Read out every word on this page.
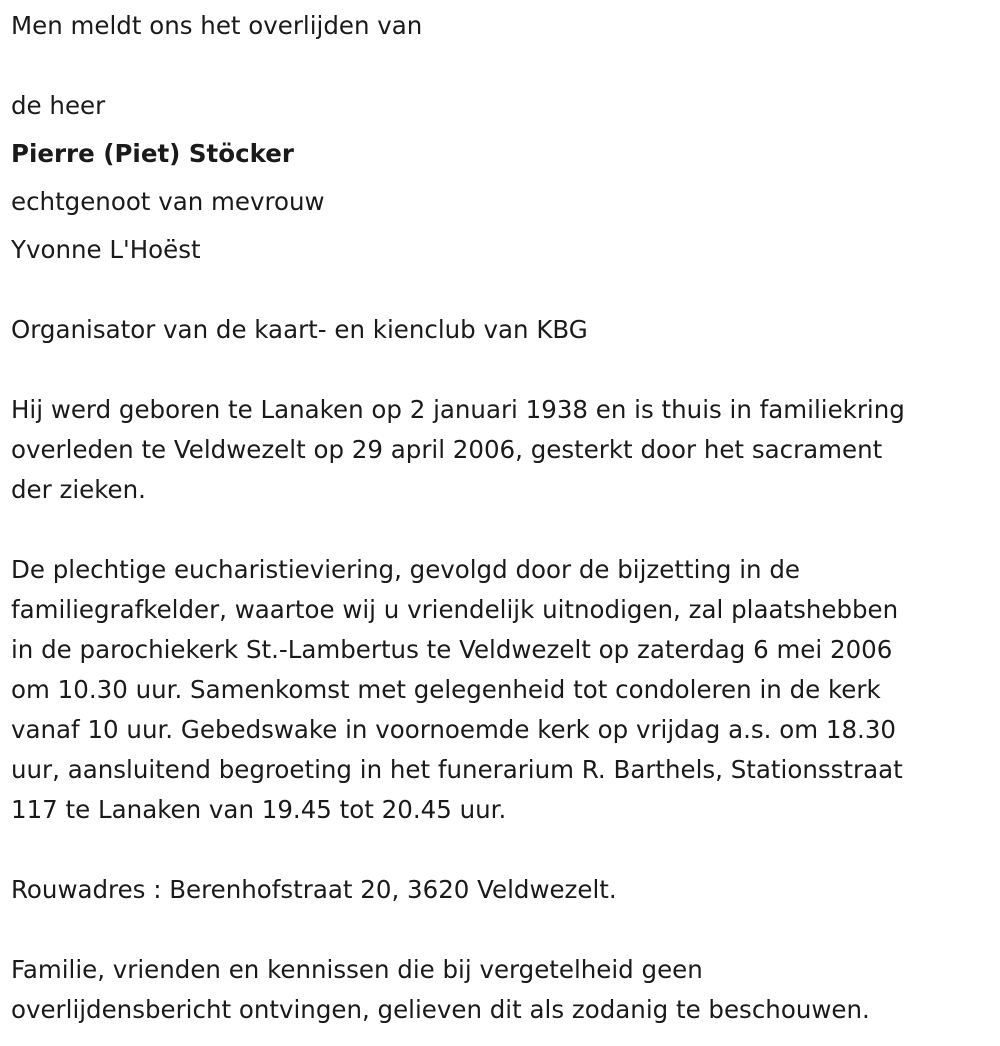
Men meldt ons het overlijden van
de heer
Pierre (Piet) Stöcker
echtgenoot van mevrouw
Yvonne L'Hoëst
Organisator van de kaart- en kienclub van KBG
Hij werd geboren te Lanaken op 2 januari 1938 en is thuis in familiekring
overleden te Veldwezelt op 29 april 2006, gesterkt door het sacrament
der zieken.
De plechtige eucharistieviering, gevolgd door de bijzetting in de
familiegrafkelder, waartoe wij u vriendelijk uitnodigen, zal plaatshebben
in de parochiekerk St.-Lambertus te Veldwezelt op zaterdag 6 mei 2006
om 10.30 uur. Samenkomst met gelegenheid tot condoleren in de kerk
vanaf 10 uur. Gebedswake in voornoemde kerk op vrijdag a.s. om 18.30
uur, aansluitend begroeting in het funerarium R. Barthels, Stationsstraat
117 te Lanaken van 19.45 tot 20.45 uur.
Rouwadres : Berenhofstraat 20, 3620 Veldwezelt.
Familie, vrienden en kennissen die bij vergetelheid geen
overlijdensbericht ontvingen, gelieven dit als zodanig te beschouwen.
